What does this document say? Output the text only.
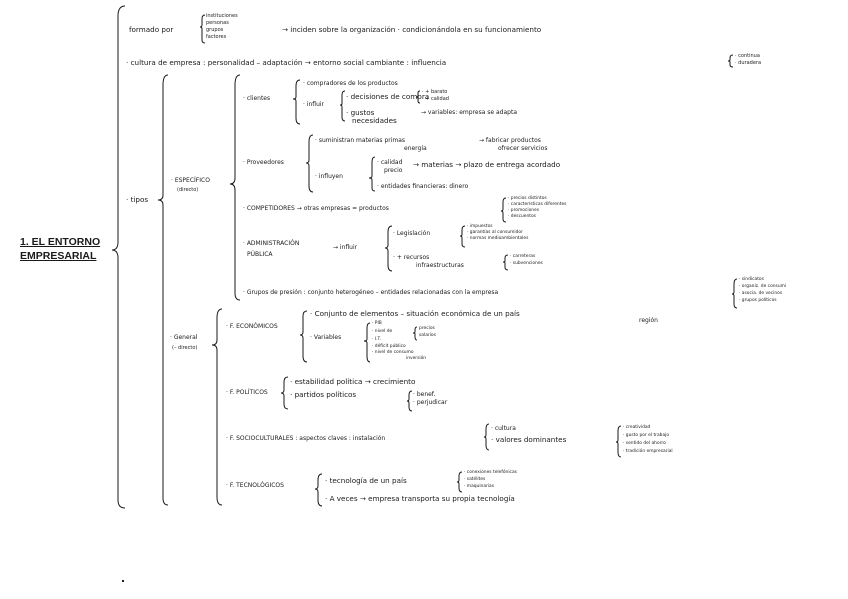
1. EL ENTORNO
EMPRESARIAL
formado por
instituciones
personas
grupos
factores
→ inciden sobre la organización · condicionándola en su funcionamiento
· cultura de empresa : personalidad – adaptación → entorno social cambiante : influencia
· continua
· duradera
· tipos
· ESPECÍFICO
(directo)
· clientes
· compradores de los productos
· influir
· decisiones de compra
· + barato
· + calidad
· gustos
necesidades
→ variables: empresa se adapta
· Proveedores
· suministran materias primas
energía
→ fabricar productos
ofrecer servicios
· influyen
· calidad
precio
→ materias → plazo de entrega acordado
· entidades financieras: dinero
· COMPETIDORES → otras empresas = productos
· precios distintos
· características diferentes
· promociones
· descuentos
· ADMINISTRACIÓN
PÚBLICA
→ influir
· Legislación
· impuestos
· garantías al consumidor
· normas medioambientales
· + recursos
infraestructuras
· carreteras
· subvenciones
· Grupos de presión : conjunto heterogéneo – entidades relacionadas con la empresa
· sindicatos
· organiz. de consumi
· asocia. de vecinos
· grupos políticos
· General
(– directo)
· F. ECONÓMICOS
· Conjunto de elementos – situación económica de un país
región
· Variables
· PIB
· nivel de
precios
salarios
· I.T.
· déficit público
· nivel de consumo
inversión
· F. POLÍTICOS
· estabilidad política → crecimiento
· partidos políticos	· benef.
· perjudicar
· F. SOCIOCULTURALES : aspectos claves : instalación
· cultura
· valores dominantes
· creatividad
· gusto por el trabajo
· sentido del ahorro
· tradición empresarial
· F. TECNOLÓGICOS
· tecnología de un país
· conexiones telefónicas
· satélites
· maquinarias
· A veces → empresa transporta su propia tecnología
